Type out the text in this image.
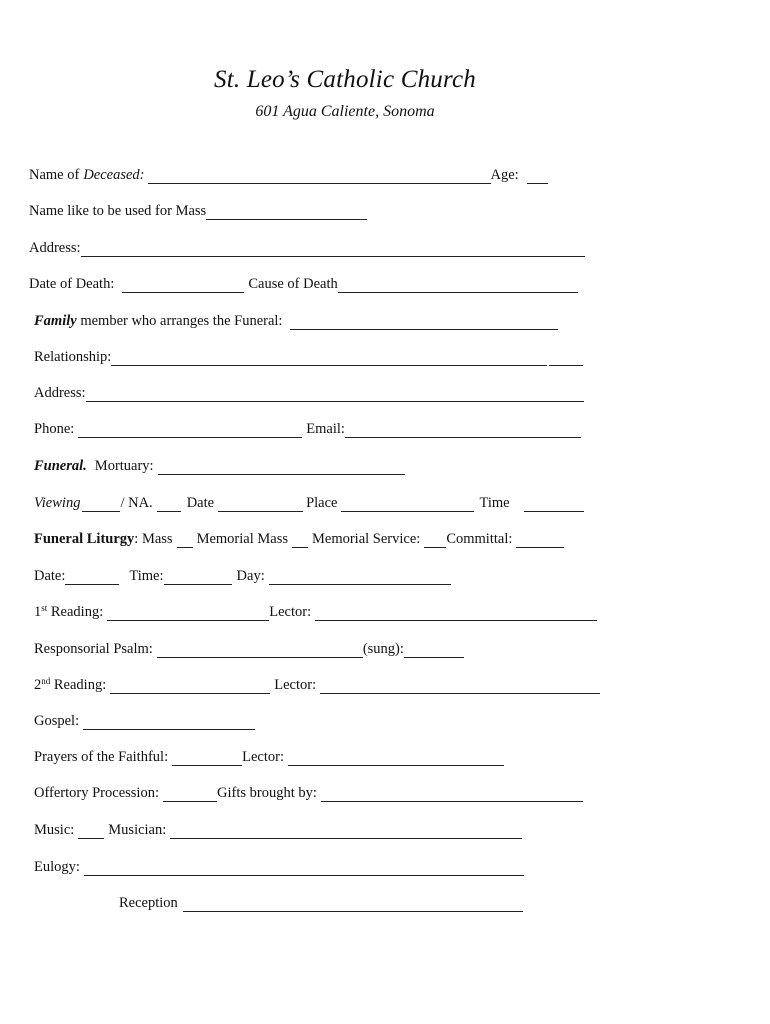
St. Leo’s Catholic Church
601 Agua Caliente, Sonoma
Name of Deceased:	Age:
Name like to be used for Mass
Address:
Date of Death:	Cause of Death
Family member who arranges the Funeral:
Relationship:
Address:
Phone:	Email:
Funeral. Mortuary:
Viewing	/ NA. Date	Place	Time
Funeral Liturgy : Mass Memorial Mass Memorial Service: Committal:
Date:	Time:	Day:
1st Reading:	Lector:
Responsorial Psalm:	(sung):
2nd Reading:	Lector:
Gospel:
Prayers of the Faithful:	Lector:
Offertory Procession:	Gifts brought by:
Music: Musician:
Eulogy:
Reception
